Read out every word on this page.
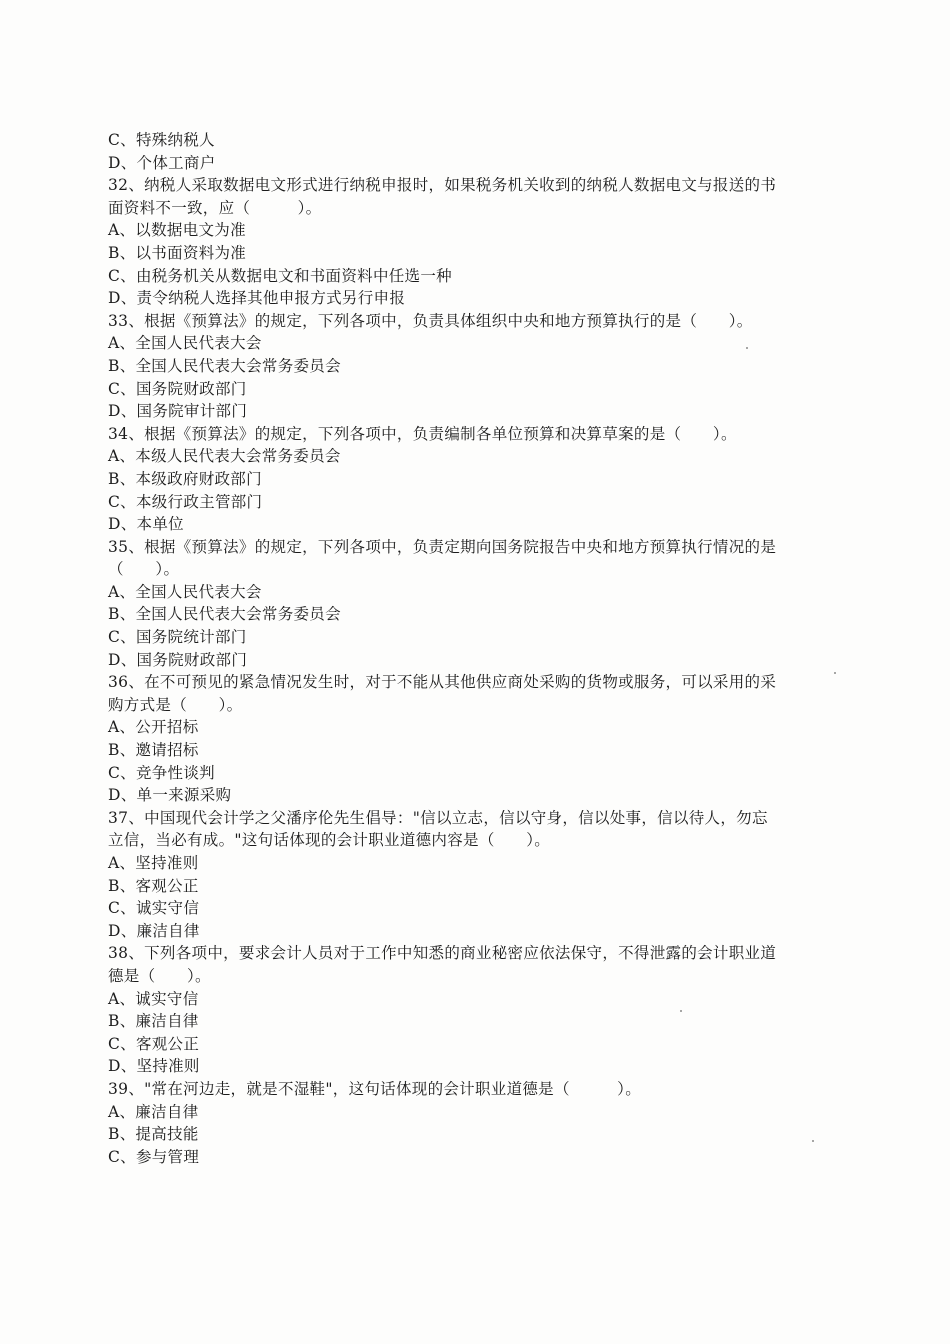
C、特殊纳税人
D、个体工商户
32、纳税人采取数据电文形式进行纳税申报时，如果税务机关收到的纳税人数据电文与报送的书
面资料不一致，应（　　　）。
A、以数据电文为准
B、以书面资料为准
C、由税务机关从数据电文和书面资料中任选一种
D、责令纳税人选择其他申报方式另行申报
33、根据《预算法》的规定，下列各项中，负责具体组织中央和地方预算执行的是（　　）。
A、全国人民代表大会
B、全国人民代表大会常务委员会
C、国务院财政部门
D、国务院审计部门
34、根据《预算法》的规定，下列各项中，负责编制各单位预算和决算草案的是（　　）。
A、本级人民代表大会常务委员会
B、本级政府财政部门
C、本级行政主管部门
D、本单位
35、根据《预算法》的规定，下列各项中，负责定期向国务院报告中央和地方预算执行情况的是
（　　）。
A、全国人民代表大会
B、全国人民代表大会常务委员会
C、国务院统计部门
D、国务院财政部门
36、在不可预见的紧急情况发生时，对于不能从其他供应商处采购的货物或服务，可以采用的采
购方式是（　　）。
A、公开招标
B、邀请招标
C、竞争性谈判
D、单一来源采购
37、中国现代会计学之父潘序伦先生倡导："信以立志，信以守身，信以处事，信以待人，勿忘
立信，当必有成。"这句话体现的会计职业道德内容是（　　）。
A、坚持准则
B、客观公正
C、诚实守信
D、廉洁自律
38、下列各项中，要求会计人员对于工作中知悉的商业秘密应依法保守，不得泄露的会计职业道
德是（　　）。
A、诚实守信
B、廉洁自律
C、客观公正
D、坚持准则
39、"常在河边走，就是不湿鞋"，这句话体现的会计职业道德是（　　　）。
A、廉洁自律
B、提高技能
C、参与管理
